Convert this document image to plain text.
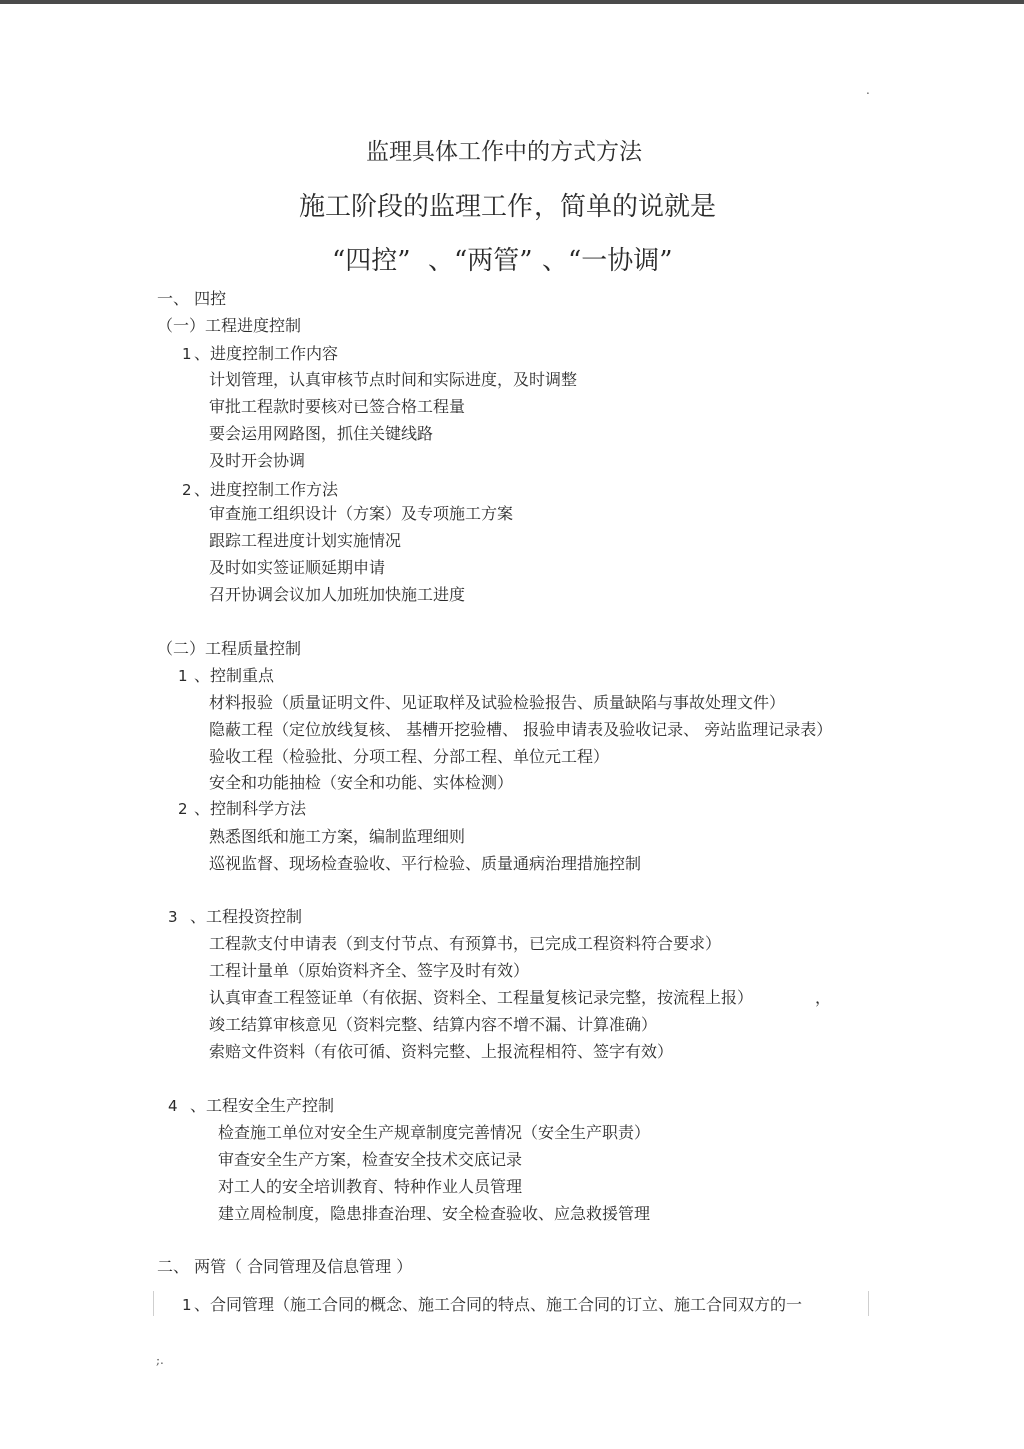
.
监理具体工作中的方式方法
施工阶段的监理工作 ，简单的说就是
“四控” 、“两管” 、“一协调”
一、 四控
（一）工程进度控制
1 、进度控制工作内容
计划管理，认真审核节点时间和实际进度，及时调整
审批工程款时要核对已签合格工程量
要会运用网路图，抓住关键线路
及时开会协调
2 、进度控制工作方法
审查施工组织设计（方案）及专项施工方案
跟踪工程进度计划实施情况
及时如实签证顺延期申请
召开协调会议加人加班加快施工进度
（二）工程质量控制
1 、控制重点
材料报验（质量证明文件、见证取样及试验检验报告、质量缺陷与事故处理文件）
隐蔽工程（定位放线复核、 基槽开挖验槽、 报验申请表及验收记录、 旁站监理记录表）
验收工程（检验批、分项工程、分部工程、单位元工程）
安全和功能抽检（安全和功能、实体检测）
2 、控制科学方法
熟悉图纸和施工方案，编制监理细则
巡视监督、现场检查验收、平行检验、质量通病治理措施控制
3 、工程投资控制
工程款支付申请表（到支付节点、有预算书，已完成工程资料符合要求）
工程计量单（原始资料齐全、签字及时有效）
认真审查工程签证单（有依据、资料全、工程量复核记录完整，按流程上报）	，
竣工结算审核意见（资料完整、结算内容不增不漏、计算准确）
索赔文件资料（有依可循、资料完整、上报流程相符、签字有效）
4 、工程安全生产控制
检查施工单位对安全生产规章制度完善情况（安全生产职责）
审查安全生产方案，检查安全技术交底记录
对工人的安全培训教育、特种作业人员管理
建立周检制度，隐患排查治理、安全检查验收、应急救援管理
二、 两管（ 合同管理及信息管理 ）
1 、合同管理（施工合同的概念、施工合同的特点、施工合同的订立、施工合同双方的一
;.
